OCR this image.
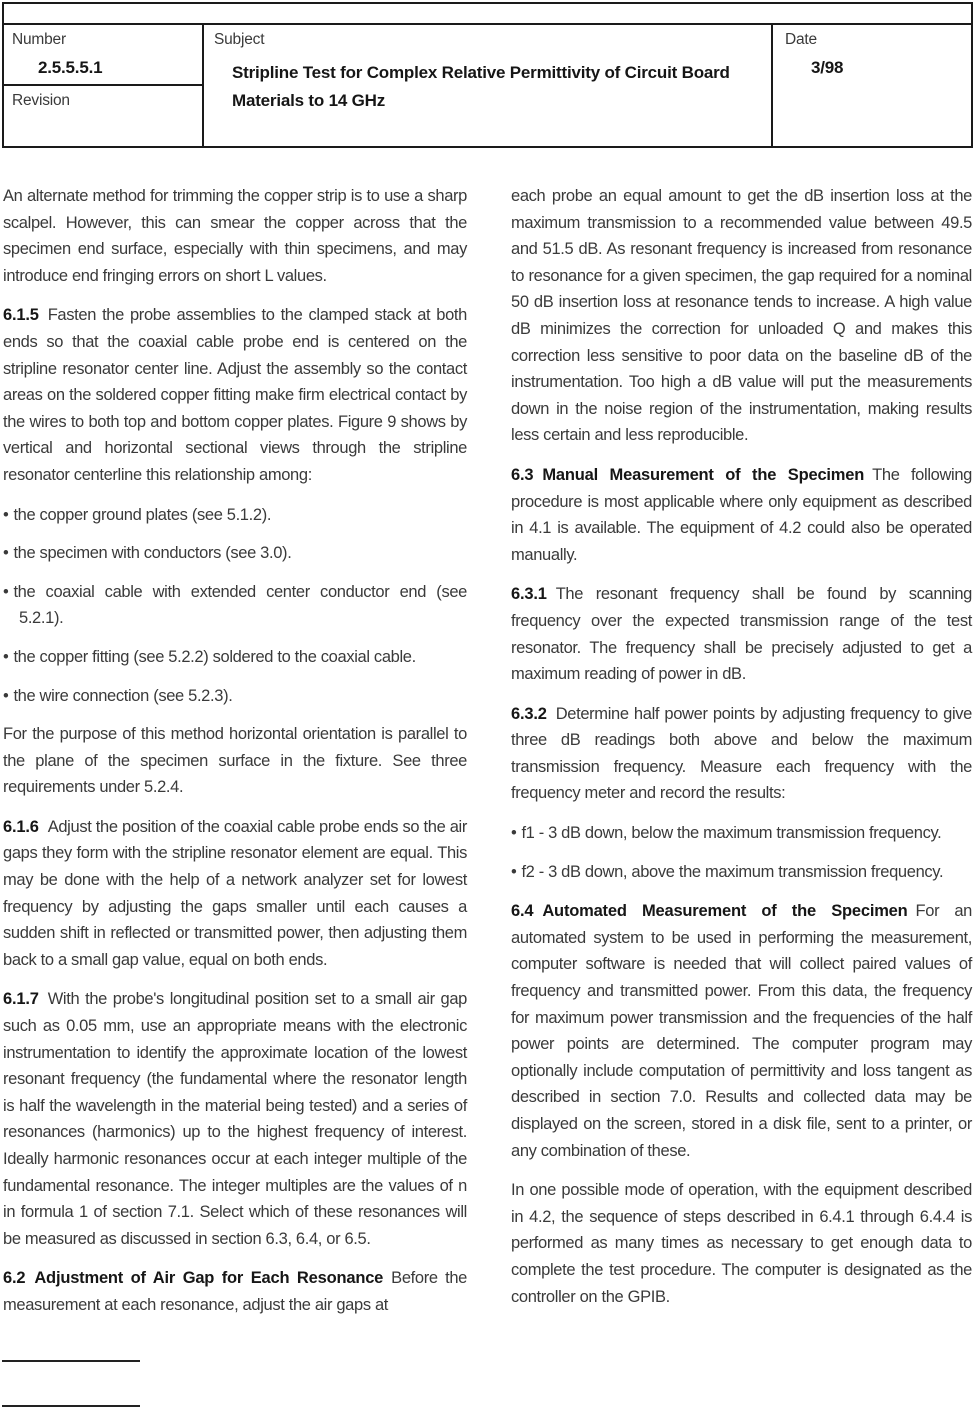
Number
2.5.5.5.1
Revision
Subject
Stripline Test for Complex Relative Permittivity of Circuit Board
Materials to 14 GHz
Date
3/98

An alternate method for trimming the copper strip is to use a sharp scalpel. However, this can smear the copper across that the specimen end surface, especially with thin specimens, and may introduce end fringing errors on short L values.

6.1.5 Fasten the probe assemblies to the clamped stack at both ends so that the coaxial cable probe end is centered on the stripline resonator center line. Adjust the assembly so the contact areas on the soldered copper fitting make firm electrical contact by the wires to both top and bottom copper plates. Figure 9 shows by vertical and horizontal sectional views through the stripline resonator centerline this relationship among:

• the copper ground plates (see 5.1.2).
• the specimen with conductors (see 3.0).
• the coaxial cable with extended center conductor end (see 5.2.1).
• the copper fitting (see 5.2.2) soldered to the coaxial cable.
• the wire connection (see 5.2.3).

For the purpose of this method horizontal orientation is parallel to the plane of the specimen surface in the fixture. See three requirements under 5.2.4.

6.1.6 Adjust the position of the coaxial cable probe ends so the air gaps they form with the stripline resonator element are equal. This may be done with the help of a network analyzer set for lowest frequency by adjusting the gaps smaller until each causes a sudden shift in reflected or transmitted power, then adjusting them back to a small gap value, equal on both ends.

6.1.7 With the probe's longitudinal position set to a small air gap such as 0.05 mm, use an appropriate means with the electronic instrumentation to identify the approximate location of the lowest resonant frequency (the fundamental where the resonator length is half the wavelength in the material being tested) and a series of resonances (harmonics) up to the highest frequency of interest. Ideally harmonic resonances occur at each integer multiple of the fundamental resonance. The integer multiples are the values of n in formula 1 of section 7.1. Select which of these resonances will be measured as discussed in section 6.3, 6.4, or 6.5.

6.2 Adjustment of Air Gap for Each Resonance Before the measurement at each resonance, adjust the air gaps at

each probe an equal amount to get the dB insertion loss at the maximum transmission to a recommended value between 49.5 and 51.5 dB. As resonant frequency is increased from resonance to resonance for a given specimen, the gap required for a nominal 50 dB insertion loss at resonance tends to increase. A high value dB minimizes the correction for unloaded Q and makes this correction less sensitive to poor data on the baseline dB of the instrumentation. Too high a dB value will put the measurements down in the noise region of the instrumentation, making results less certain and less reproducible.

6.3 Manual Measurement of the Specimen The following procedure is most applicable where only equipment as described in 4.1 is available. The equipment of 4.2 could also be operated manually.

6.3.1 The resonant frequency shall be found by scanning frequency over the expected transmission range of the test resonator. The frequency shall be precisely adjusted to get a maximum reading of power in dB.

6.3.2 Determine half power points by adjusting frequency to give three dB readings both above and below the maximum transmission frequency. Measure each frequency with the frequency meter and record the results:

• f1 - 3 dB down, below the maximum transmission frequency.
• f2 - 3 dB down, above the maximum transmission frequency.

6.4 Automated Measurement of the Specimen For an automated system to be used in performing the measurement, computer software is needed that will collect paired values of frequency and transmitted power. From this data, the frequency for maximum power transmission and the frequencies of the half power points are determined. The computer program may optionally include computation of permittivity and loss tangent as described in section 7.0. Results and collected data may be displayed on the screen, stored in a disk file, sent to a printer, or any combination of these.

In one possible mode of operation, with the equipment described in 4.2, the sequence of steps described in 6.4.1 through 6.4.4 is performed as many times as necessary to get enough data to complete the test procedure. The computer is designated as the controller on the GPIB.
